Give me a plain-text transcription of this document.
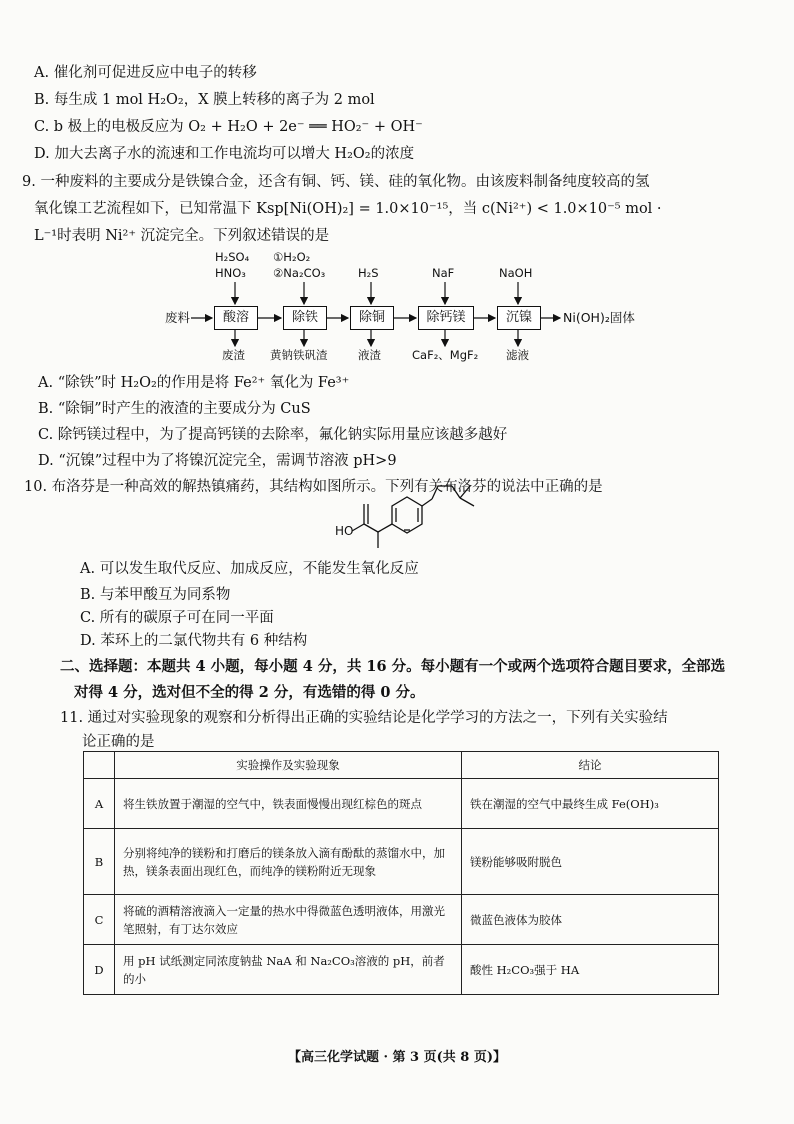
A. 催化剂可促进反应中电子的转移
B. 每生成 1 mol H₂O₂，X 膜上转移的离子为 2 mol
C. b 极上的电极反应为 O₂ + H₂O + 2e⁻ ══ HO₂⁻ + OH⁻
D. 加大去离子水的流速和工作电流均可以增大 H₂O₂的浓度
9. 一种废料的主要成分是铁镍合金，还含有铜、钙、镁、硅的氧化物。由该废料制备纯度较高的氢
氧化镍工艺流程如下，已知常温下 Ksp[Ni(OH)₂] = 1.0×10⁻¹⁵，当 c(Ni²⁺) < 1.0×10⁻⁵ mol ·
L⁻¹时表明 Ni²⁺ 沉淀完全。下列叙述错误的是
H₂SO₄
HNO₃
①H₂O₂
②Na₂CO₃	H₂S	NaF	NaOH
废料	Ni(OH)₂固体
酸溶	除铁	除铜	除钙镁	沉镍
废渣 黄钠铁矾渣	液渣	CaF₂、MgF₂ 滤液
A. “除铁”时 H₂O₂的作用是将 Fe²⁺ 氧化为 Fe³⁺
B. “除铜”时产生的液渣的主要成分为 CuS
C. 除钙镁过程中，为了提高钙镁的去除率，氟化钠实际用量应该越多越好
D. “沉镍”过程中为了将镍沉淀完全，需调节溶液 pH>9
10. 布洛芬是一种高效的解热镇痛药，其结构如图所示。下列有关布洛芬的说法中正确的是
HO
A. 可以发生取代反应、加成反应，不能发生氧化反应
B. 与苯甲酸互为同系物
C. 所有的碳原子可在同一平面
D. 苯环上的二氯代物共有 6 种结构
二、选择题：本题共 4 小题，每小题 4 分，共 16 分。每小题有一个或两个选项符合题目要求，全部选
对得 4 分，选对但不全的得 2 分，有选错的得 0 分。
11. 通过对实验现象的观察和分析得出正确的实验结论是化学学习的方法之一，下列有关实验结
论正确的是
	实验操作及实验现象	结论
A	将生铁放置于潮湿的空气中，铁表面慢慢出现红棕色的斑点	铁在潮湿的空气中最终生成 Fe(OH)₃
B	分别将纯净的镁粉和打磨后的镁条放入滴有酚酞的蒸馏水中，加热，镁条表面出现红色，而纯净的镁粉附近无现象	镁粉能够吸附脱色
C	将硫的酒精溶液滴入一定量的热水中得微蓝色透明液体，用激光笔照射，有丁达尔效应	微蓝色液体为胶体
D	用 pH 试纸测定同浓度钠盐 NaA 和 Na₂CO₃溶液的 pH，前者的小	酸性 H₂CO₃强于 HA
【高三化学试题 · 第 3 页(共 8 页)】
